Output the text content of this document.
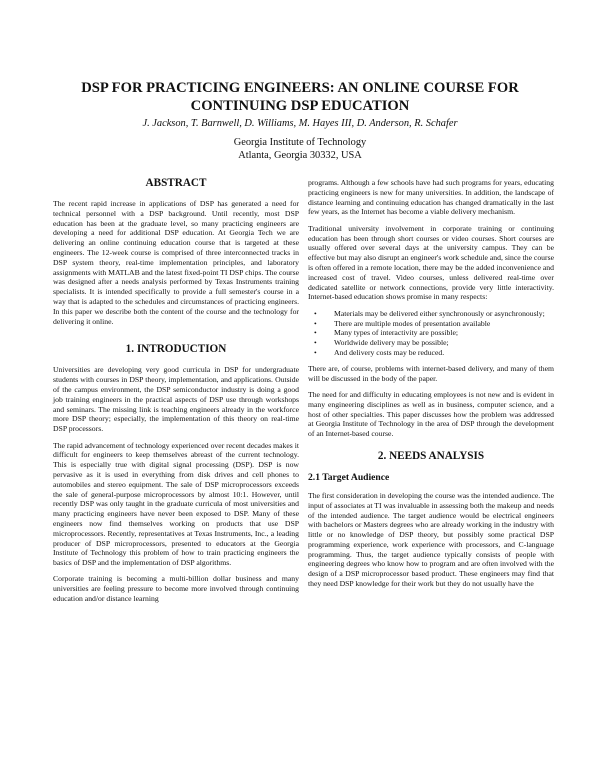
DSP FOR PRACTICING ENGINEERS: AN ONLINE COURSE FOR CONTINUING DSP EDUCATION
J. Jackson, T. Barnwell, D. Williams, M. Hayes III, D. Anderson, R. Schafer
Georgia Institute of Technology
Atlanta, Georgia 30332, USA
ABSTRACT

The recent rapid increase in applications of DSP has generated a need for technical personnel with a DSP background. Until recently, most DSP education has been at the graduate level, so many practicing engineers are developing a need for additional DSP education. At Georgia Tech we are delivering an online continuing education course that is targeted at these engineers. The 12-week course is comprised of three interconnected tracks in DSP system theory, real-time implementation principles, and laboratory assignments with MATLAB and the latest fixed-point TI DSP chips. The course was designed after a needs analysis performed by Texas Instruments training specialists. It is intended specifically to provide a full semester's course in a way that is adapted to the schedules and circumstances of practicing engineers. In this paper we describe both the content of the course and the technology for delivering it online.

1. INTRODUCTION

Universities are developing very good curricula in DSP for undergraduate students with courses in DSP theory, implementation, and applications. Outside of the campus environment, the DSP semiconductor industry is doing a good job training engineers in the practical aspects of DSP use through workshops and seminars. The missing link is teaching engineers already in the workforce more DSP theory; especially, the implementation of this theory on real-time DSP processors.

The rapid advancement of technology experienced over recent decades makes it difficult for engineers to keep themselves abreast of the current technology. This is especially true with digital signal processing (DSP). DSP is now pervasive as it is used in everything from disk drives and cell phones to automobiles and stereo equipment. The sale of DSP microprocessors exceeds the sale of general-purpose microprocessors by almost 10:1. However, until recently DSP was only taught in the graduate curricula of most universities and many practicing engineers have never been exposed to DSP. Many of these engineers now find themselves working on products that use DSP microprocessors. Recently, representatives at Texas Instruments, Inc., a leading producer of DSP microprocessors, presented to educators at the Georgia Institute of Technology this problem of how to train practicing engineers the basics of DSP and the implementation of DSP algorithms.

Corporate training is becoming a multi-billion dollar business and many universities are feeling pressure to become more involved through continuing education and/or distance learning

programs. Although a few schools have had such programs for years, educating practicing engineers is new for many universities. In addition, the landscape of distance learning and continuing education has changed dramatically in the last few years, as the Internet has become a viable delivery mechanism.

Traditional university involvement in corporate training or continuing education has been through short courses or video courses. Short courses are usually offered over several days at the university campus. They can be effective but may also disrupt an engineer's work schedule and, since the course is often offered in a remote location, there may be the added inconvenience and increased cost of travel. Video courses, unless delivered real-time over dedicated satellite or network connections, provide very little interactivity. Internet-based education shows promise in many respects:

• Materials may be delivered either synchronously or asynchronously;
• There are multiple modes of presentation available
• Many types of interactivity are possible;
• Worldwide delivery may be possible;
• And delivery costs may be reduced.

There are, of course, problems with internet-based delivery, and many of them will be discussed in the body of the paper.

The need for and difficulty in educating employees is not new and is evident in many engineering disciplines as well as in business, computer science, and a host of other specialties. This paper discusses how the problem was addressed at Georgia Institute of Technology in the area of DSP through the development of an Internet-based course.

2. NEEDS ANALYSIS
2.1 Target Audience

The first consideration in developing the course was the intended audience. The input of associates at TI was invaluable in assessing both the makeup and needs of the intended audience. The target audience would be electrical engineers with bachelors or Masters degrees who are already working in the industry with little or no knowledge of DSP theory, but possibly some practical DSP programming experience, work experience with processors, and C-language programming. Thus, the target audience typically consists of people with engineering degrees who know how to program and are often involved with the design of a DSP microprocessor based product. These engineers may find that they need DSP knowledge for their work but they do not usually have the
